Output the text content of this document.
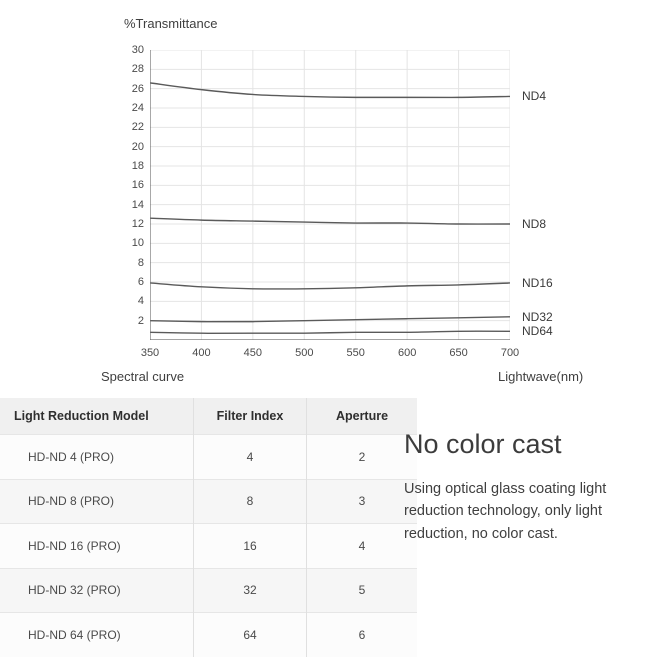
%Transmittance
2
4
6
8
10
12
14
16
18
20
22
24
26
28
30
350	400	450	500	550	600	650	700
ND4
ND8
ND16
ND32
ND64
Spectral curve	Lightwave(nm)
Light Reduction Model	Filter Index	Aperture
HD-ND 4 (PRO)	4	2
HD-ND 8 (PRO)	8	3
HD-ND 16 (PRO)	16	4
HD-ND 32 (PRO)	32	5
HD-ND 64 (PRO)	64	6
No color cast

Using optical glass coating light reduction technology, only light reduction, no color cast.
